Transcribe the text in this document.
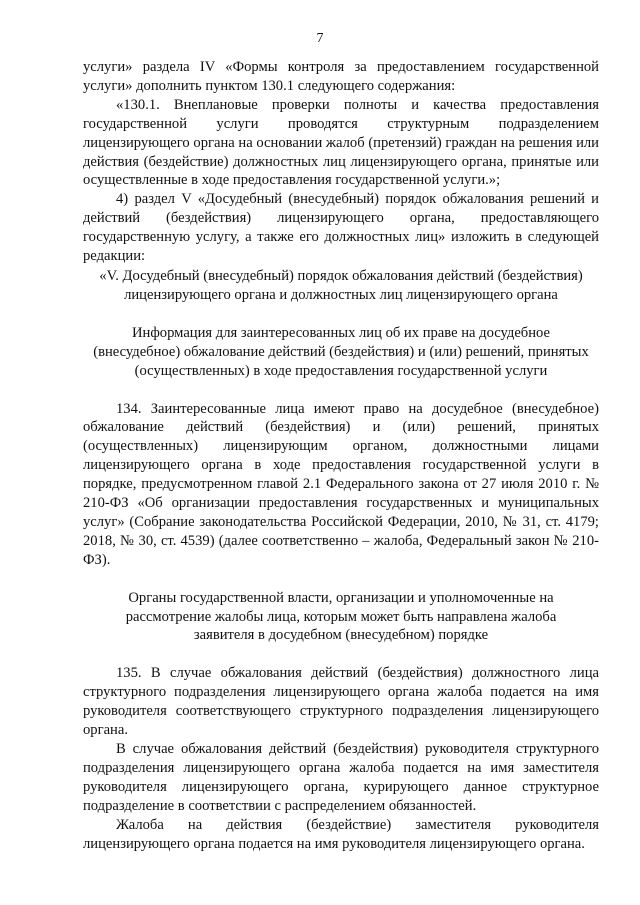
7

услуги» раздела IV «Формы контроля за предоставлением государственной услуги» дополнить пунктом 130.1 следующего содержания:

«130.1. Внеплановые проверки полноты и качества предоставления государственной услуги проводятся структурным подразделением лицензирующего органа на основании жалоб (претензий) граждан на решения или действия (бездействие) должностных лиц лицензирующего органа, принятые или осуществленные в ходе предоставления государственной услуги.»;

4) раздел V «Досудебный (внесудебный) порядок обжалования решений и действий (бездействия) лицензирующего органа, предоставляющего государственную услугу, а также его должностных лиц» изложить в следующей редакции:

«V. Досудебный (внесудебный) порядок обжалования действий (бездействия) лицензирующего органа и должностных лиц лицензирующего органа

Информация для заинтересованных лиц об их праве на досудебное (внесудебное) обжалование действий (бездействия) и (или) решений, принятых (осуществленных) в ходе предоставления государственной услуги

134. Заинтересованные лица имеют право на досудебное (внесудебное) обжалование действий (бездействия) и (или) решений, принятых (осуществленных) лицензирующим органом, должностными лицами лицензирующего органа в ходе предоставления государственной услуги в порядке, предусмотренном главой 2.1 Федерального закона от 27 июля 2010 г. № 210-ФЗ «Об организации предоставления государственных и муниципальных услуг» (Собрание законодательства Российской Федерации, 2010, № 31, ст. 4179; 2018, № 30, ст. 4539) (далее соответственно – жалоба, Федеральный закон № 210-ФЗ).

Органы государственной власти, организации и уполномоченные на рассмотрение жалобы лица, которым может быть направлена жалоба заявителя в досудебном (внесудебном) порядке

135. В случае обжалования действий (бездействия) должностного лица структурного подразделения лицензирующего органа жалоба подается на имя руководителя соответствующего структурного подразделения лицензирующего органа.

В случае обжалования действий (бездействия) руководителя структурного подразделения лицензирующего органа жалоба подается на имя заместителя руководителя лицензирующего органа, курирующего данное структурное подразделение в соответствии с распределением обязанностей.

Жалоба на действия (бездействие) заместителя руководителя лицензирующего органа подается на имя руководителя лицензирующего органа.
